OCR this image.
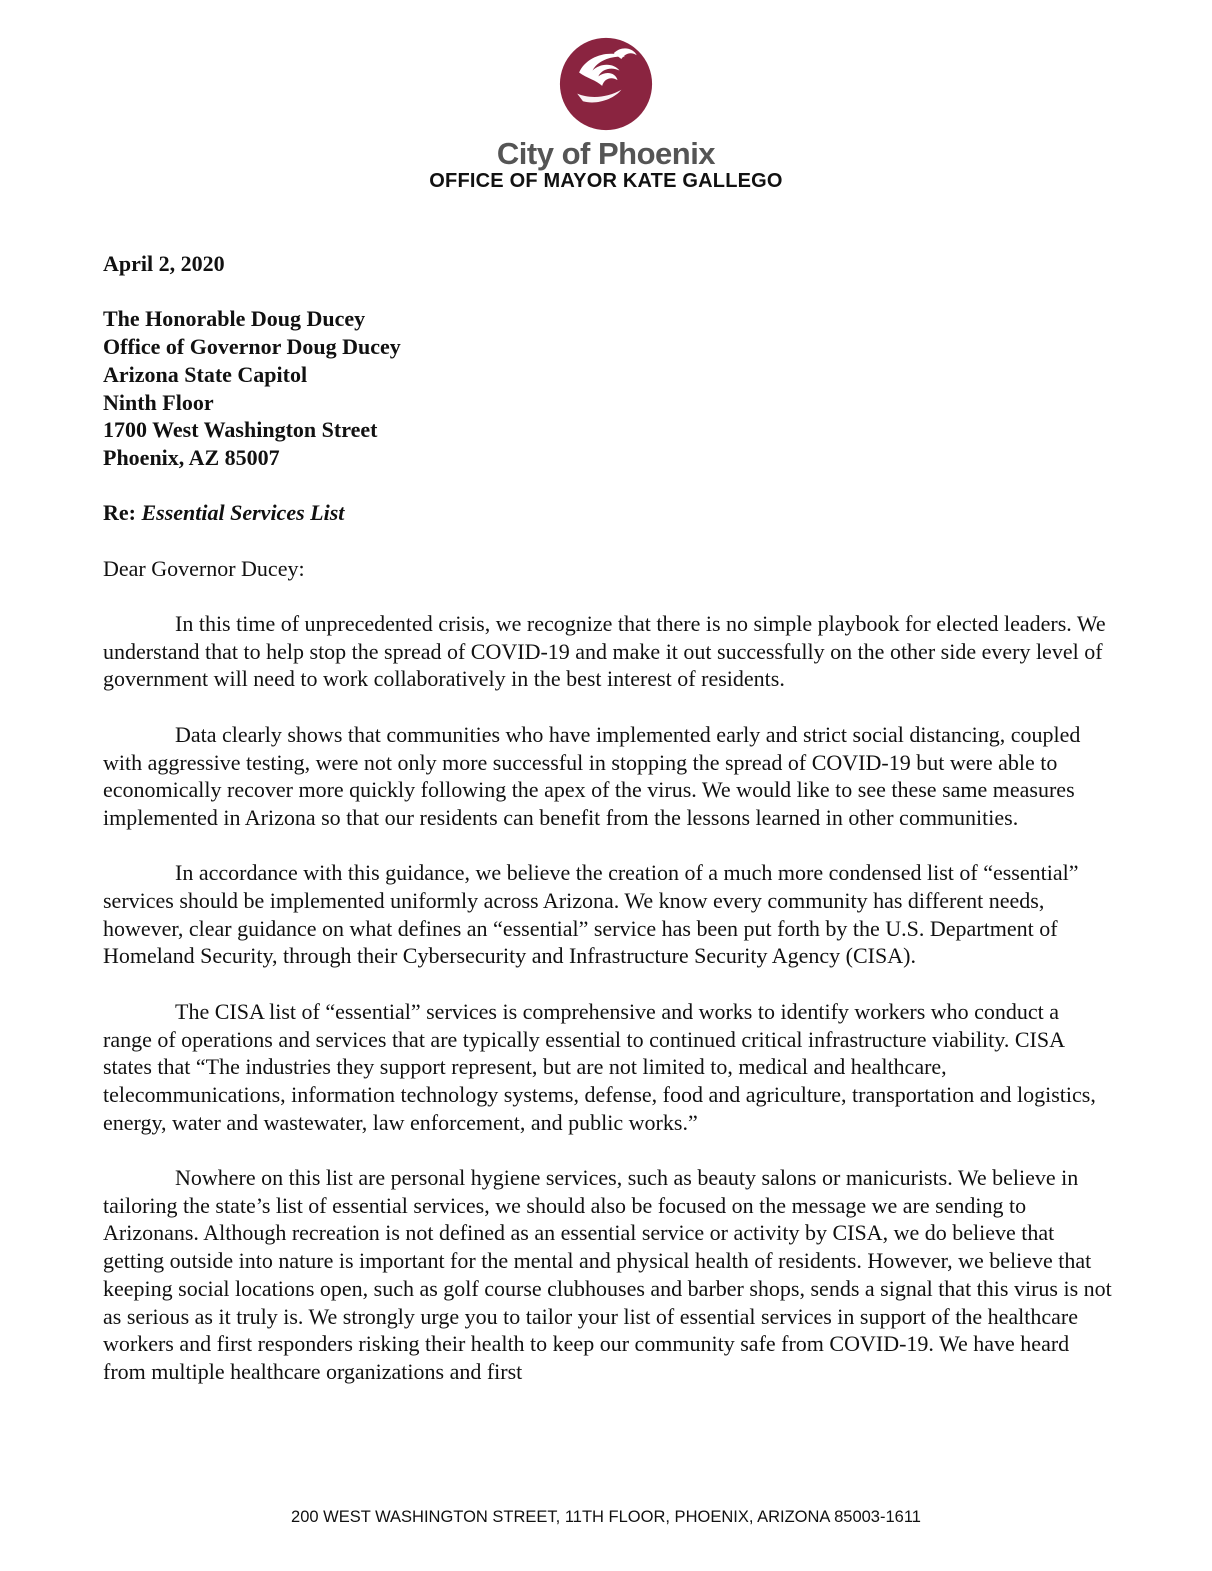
City of Phoenix
OFFICE OF MAYOR KATE GALLEGO
April 2, 2020
The Honorable Doug Ducey
Office of Governor Doug Ducey
Arizona State Capitol
Ninth Floor
1700 West Washington Street
Phoenix, AZ 85007
Re: Essential Services List
Dear Governor Ducey:

In this time of unprecedented crisis, we recognize that there is no simple playbook for elected leaders. We understand that to help stop the spread of COVID-19 and make it out successfully on the other side every level of government will need to work collaboratively in the best interest of residents.

Data clearly shows that communities who have implemented early and strict social distancing, coupled with aggressive testing, were not only more successful in stopping the spread of COVID-19 but were able to economically recover more quickly following the apex of the virus. We would like to see these same measures implemented in Arizona so that our residents can benefit from the lessons learned in other communities.

In accordance with this guidance, we believe the creation of a much more condensed list of “essential” services should be implemented uniformly across Arizona. We know every community has different needs, however, clear guidance on what defines an “essential” service has been put forth by the U.S. Department of Homeland Security, through their Cybersecurity and Infrastructure Security Agency (CISA).

The CISA list of “essential” services is comprehensive and works to identify workers who conduct a range of operations and services that are typically essential to continued critical infrastructure viability. CISA states that “The industries they support represent, but are not limited to, medical and healthcare, telecommunications, information technology systems, defense, food and agriculture, transportation and logistics, energy, water and wastewater, law enforcement, and public works.”

Nowhere on this list are personal hygiene services, such as beauty salons or manicurists. We believe in tailoring the state’s list of essential services, we should also be focused on the message we are sending to Arizonans. Although recreation is not defined as an essential service or activity by CISA, we do believe that getting outside into nature is important for the mental and physical health of residents. However, we believe that keeping social locations open, such as golf course clubhouses and barber shops, sends a signal that this virus is not as serious as it truly is. We strongly urge you to tailor your list of essential services in support of the healthcare workers and first responders risking their health to keep our community safe from COVID-19. We have heard from multiple healthcare organizations and first

200 WEST WASHINGTON STREET, 11TH FLOOR, PHOENIX, ARIZONA 85003-1611
